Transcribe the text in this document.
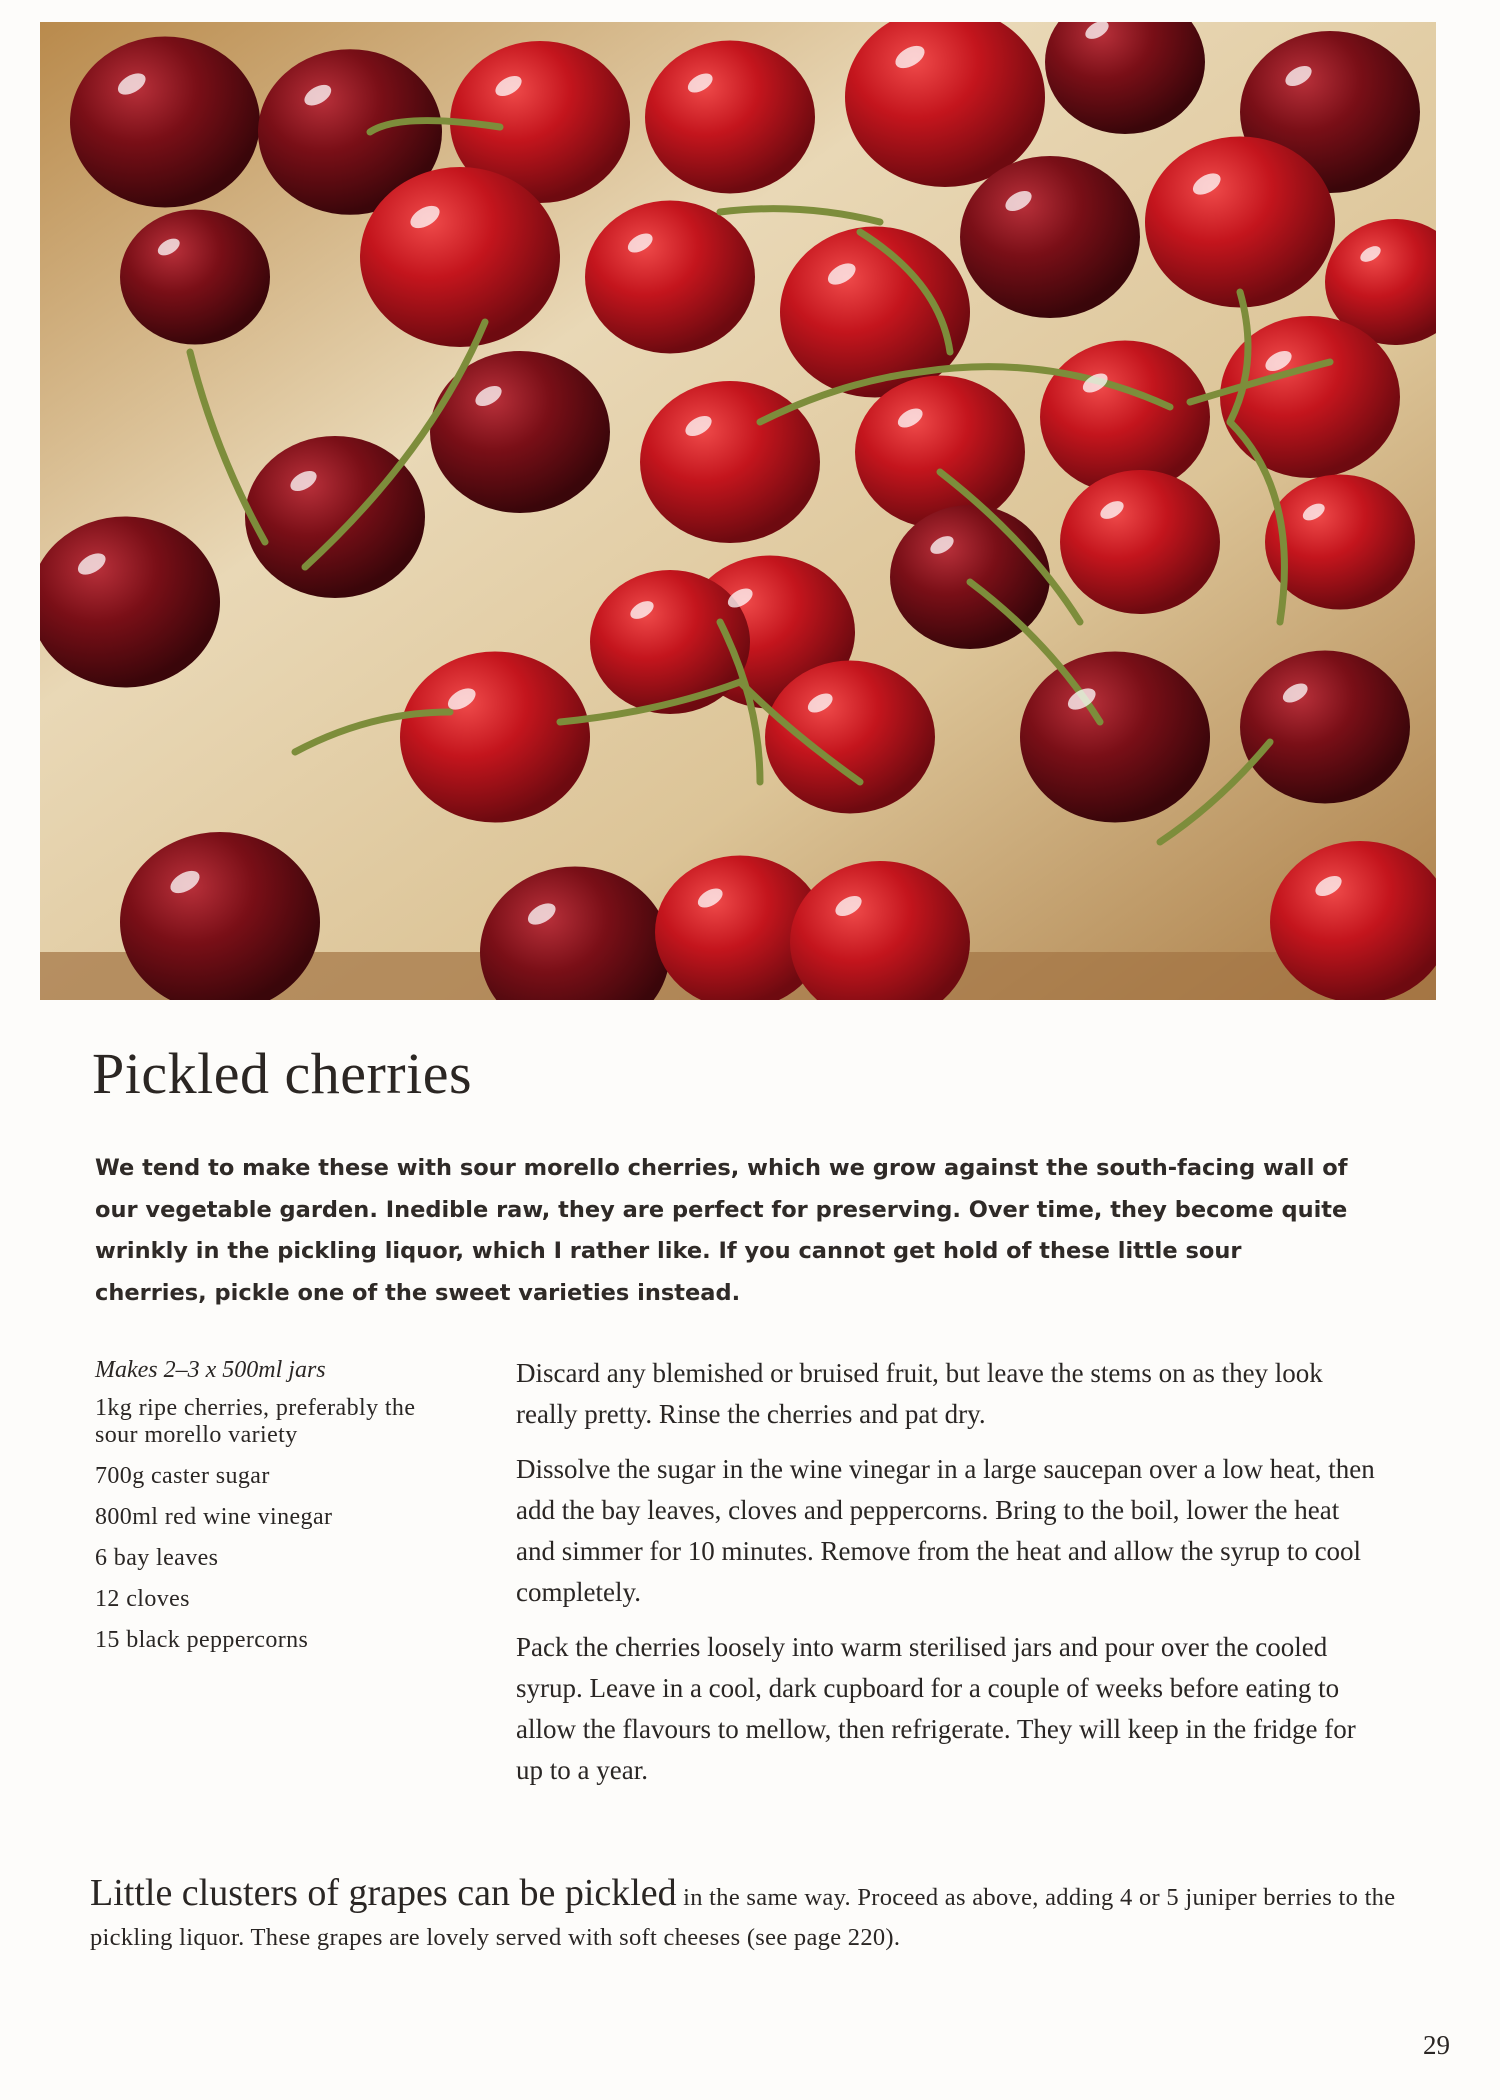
Pickled cherries

We tend to make these with sour morello cherries, which we grow against the south-facing wall of our vegetable garden. Inedible raw, they are perfect for preserving. Over time, they become quite wrinkly in the pickling liquor, which I rather like. If you cannot get hold of these little sour cherries, pickle one of the sweet varieties instead.

Makes 2–3 x 500ml jars

1kg ripe cherries, preferably the sour morello variety
700g caster sugar
800ml red wine vinegar
6 bay leaves
12 cloves
15 black peppercorns

Discard any blemished or bruised fruit, but leave the stems on as they look really pretty. Rinse the cherries and pat dry.

Dissolve the sugar in the wine vinegar in a large saucepan over a low heat, then add the bay leaves, cloves and peppercorns. Bring to the boil, lower the heat and simmer for 10 minutes. Remove from the heat and allow the syrup to cool completely.

Pack the cherries loosely into warm sterilised jars and pour over the cooled syrup. Leave in a cool, dark cupboard for a couple of weeks before eating to allow the flavours to mellow, then refrigerate. They will keep in the fridge for up to a year.

Little clusters of grapes can be pickled in the same way. Proceed as above, adding 4 or 5 juniper berries to the pickling liquor. These grapes are lovely served with soft cheeses (see page 220).

29
